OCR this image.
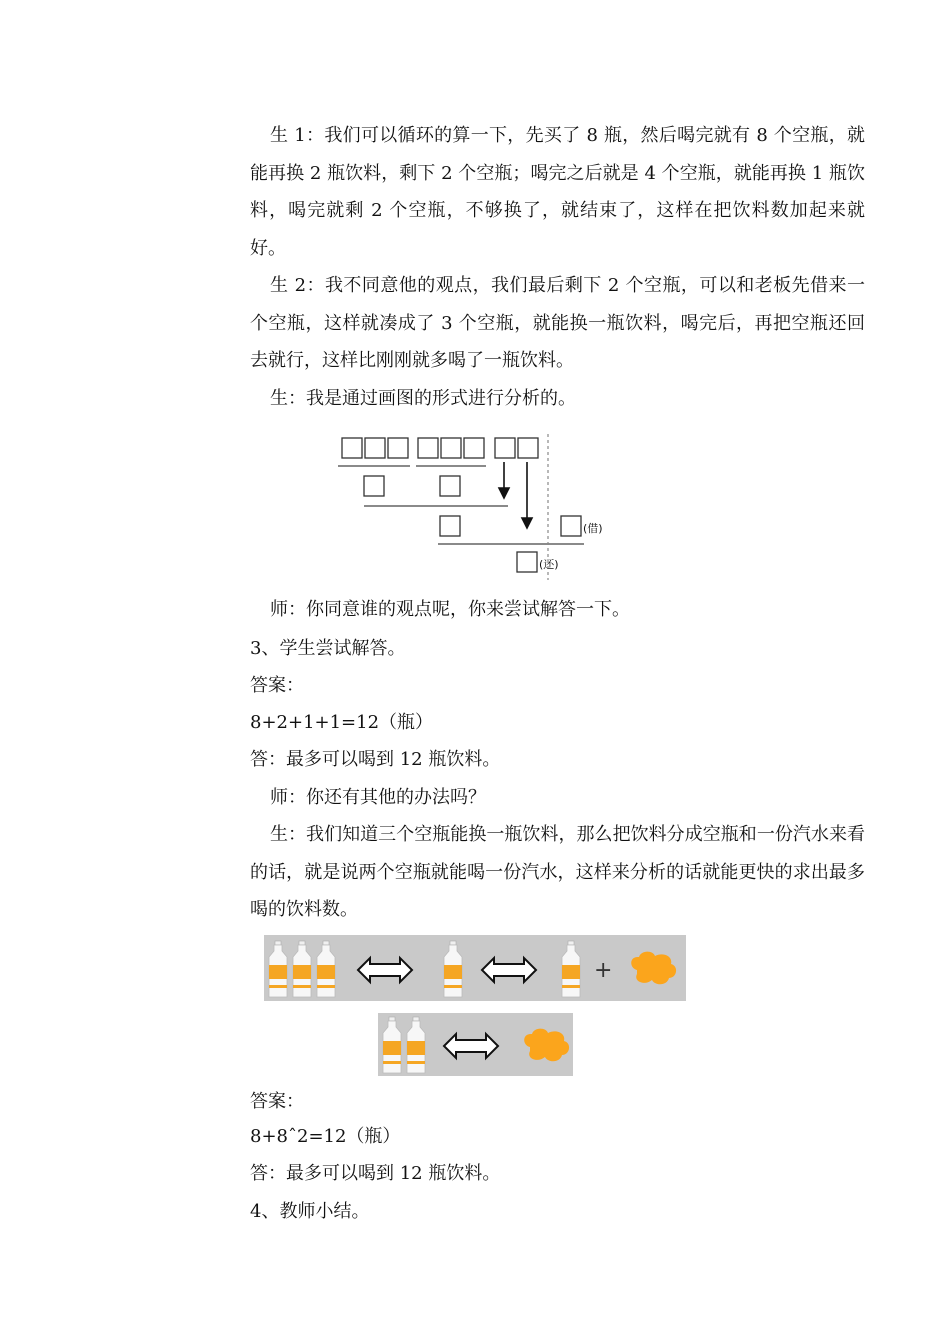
生 1：我们可以循环的算一下，先买了 8 瓶，然后喝完就有 8 个空瓶，就能再换 2 瓶饮料，剩下 2 个空瓶；喝完之后就是 4 个空瓶，就能再换 1 瓶饮料，喝完就剩 2 个空瓶，不够换了，就结束了，这样在把饮料数加起来就好。
生 2：我不同意他的观点，我们最后剩下 2 个空瓶，可以和老板先借来一个空瓶，这样就凑成了 3 个空瓶，就能换一瓶饮料，喝完后，再把空瓶还回去就行，这样比刚刚就多喝了一瓶饮料。
生：我是通过画图的形式进行分析的。
(借)
(还)
师：你同意谁的观点呢，你来尝试解答一下。
3、学生尝试解答。
答案：
8+2+1+1=12（瓶）
答：最多可以喝到 12 瓶饮料。
师：你还有其他的办法吗？
生：我们知道三个空瓶能换一瓶饮料，那么把饮料分成空瓶和一份汽水来看的话，就是说两个空瓶就能喝一份汽水，这样来分析的话就能更快的求出最多喝的饮料数。
+
答案：
8+8ˆ2=12（瓶）
答：最多可以喝到 12 瓶饮料。
4、教师小结。
